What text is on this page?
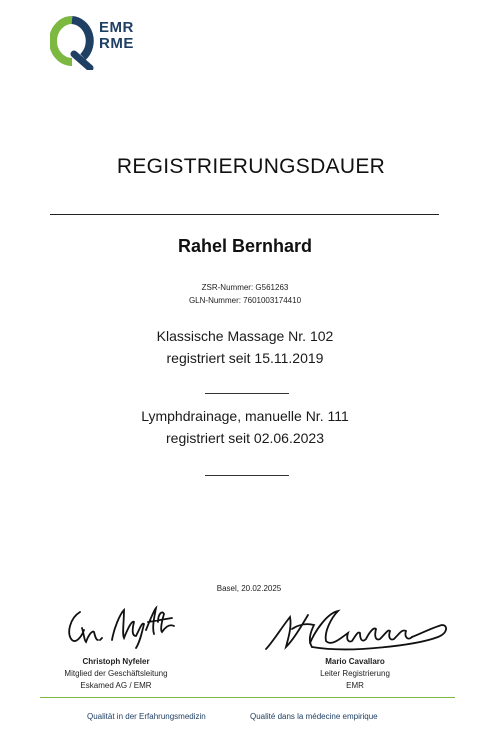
EMR
RME
REGISTRIERUNGSDAUER
Rahel Bernhard
ZSR-Nummer: G561263
GLN-Nummer: 7601003174410
Klassische Massage Nr. 102
registriert seit 15.11.2019
Lymphdrainage, manuelle Nr. 111
registriert seit 02.06.2023
Basel, 20.02.2025
Christoph Nyfeler
Mitglied der Geschäftsleitung
Eskamed AG / EMR
Mario Cavallaro
Leiter Registrierung
EMR
Qualität in der Erfahrungsmedizin	Qualité dans la médecine empirique
